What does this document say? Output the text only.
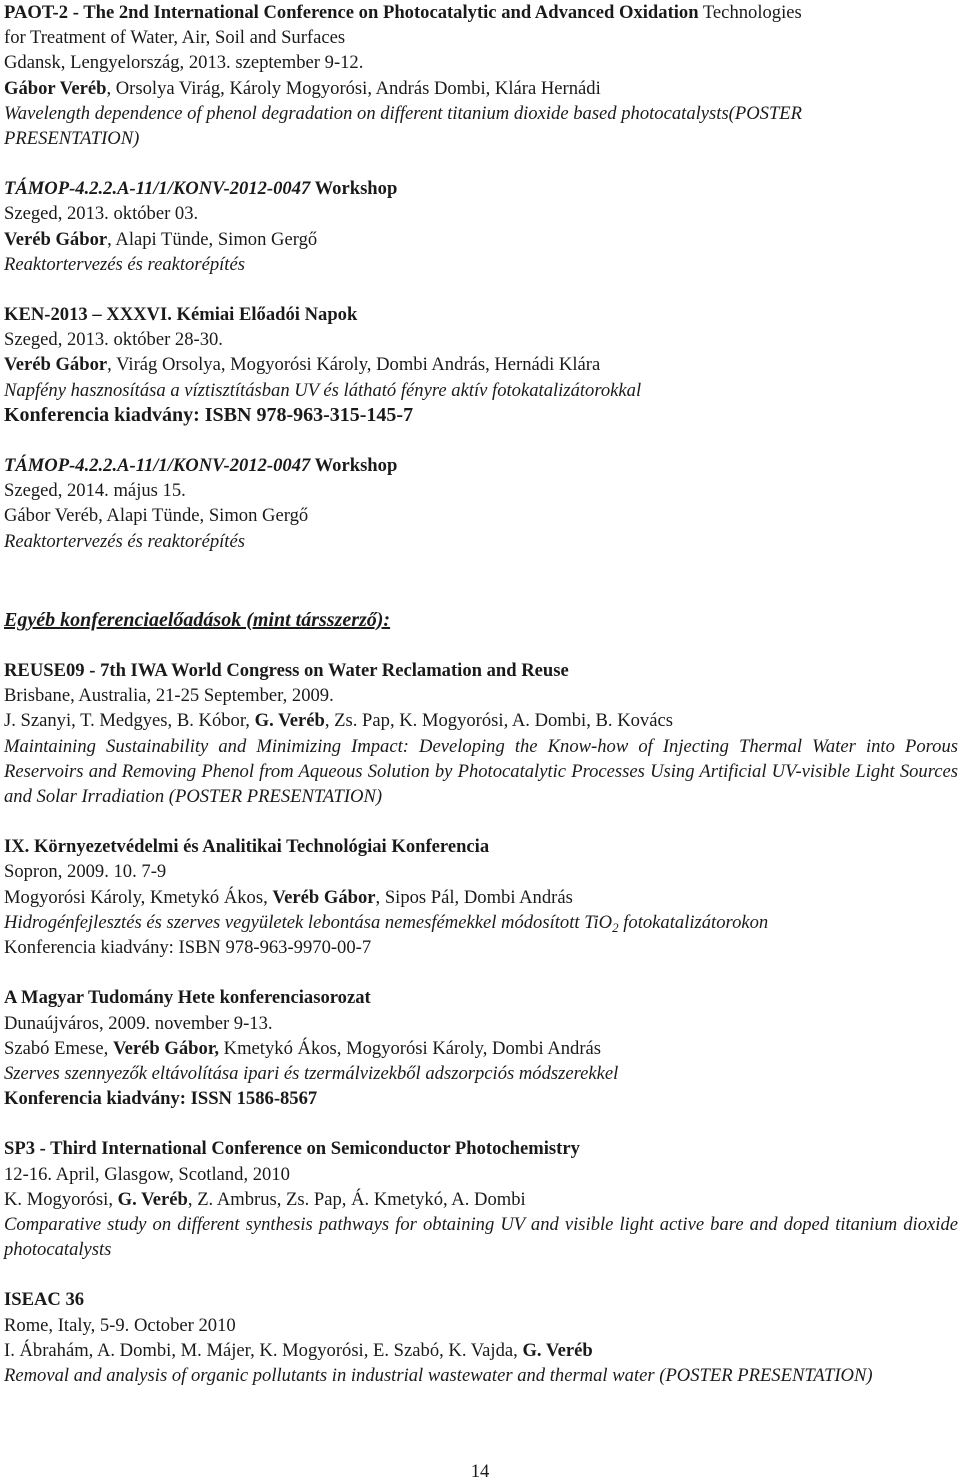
PAOT-2 - The 2nd International Conference on Photocatalytic and Advanced Oxidation Technologies
for Treatment of Water, Air, Soil and Surfaces
Gdansk, Lengyelország, 2013. szeptember 9-12.
Gábor Veréb, Orsolya Virág, Károly Mogyorósi, András Dombi, Klára Hernádi
Wavelength dependence of phenol degradation on different titanium dioxide based photocatalysts(POSTER
PRESENTATION)
TÁMOP-4.2.2.A-11/1/KONV-2012-0047 Workshop
Szeged, 2013. október 03.
Veréb Gábor, Alapi Tünde, Simon Gergő
Reaktortervezés és reaktorépítés
KEN-2013 – XXXVI. Kémiai Előadói Napok
Szeged, 2013. október 28-30.
Veréb Gábor, Virág Orsolya, Mogyorósi Károly, Dombi András, Hernádi Klára
Napfény hasznosítása a víztisztításban UV és látható fényre aktív fotokatalizátorokkal
Konferencia kiadvány: ISBN 978-963-315-145-7
TÁMOP-4.2.2.A-11/1/KONV-2012-0047 Workshop
Szeged, 2014. május 15.
Gábor Veréb, Alapi Tünde, Simon Gergő
Reaktortervezés és reaktorépítés
Egyéb konferenciaelőadások (mint társszerző):
REUSE09 - 7th IWA World Congress on Water Reclamation and Reuse
Brisbane, Australia, 21-25 September, 2009.
J. Szanyi, T. Medgyes, B. Kóbor, G. Veréb, Zs. Pap, K. Mogyorósi, A. Dombi, B. Kovács
Maintaining Sustainability and Minimizing Impact: Developing the Know-how of Injecting Thermal Water into Porous Reservoirs and Removing Phenol from Aqueous Solution by Photocatalytic Processes Using Artificial UV-visible Light Sources and Solar Irradiation (POSTER PRESENTATION)
IX. Környezetvédelmi és Analitikai Technológiai Konferencia
Sopron, 2009. 10. 7-9
Mogyorósi Károly, Kmetykó Ákos, Veréb Gábor, Sipos Pál, Dombi András
Hidrogénfejlesztés és szerves vegyületek lebontása nemesfémekkel módosított TiO$_2$ fotokatalizátorokon
Konferencia kiadvány: ISBN 978-963-9970-00-7
A Magyar Tudomány Hete konferenciasorozat
Dunaújváros, 2009. november 9-13.
Szabó Emese, Veréb Gábor, Kmetykó Ákos, Mogyorósi Károly, Dombi András
Szerves szennyezők eltávolítása ipari és tzermálvizekből adszorpciós módszerekkel
Konferencia kiadvány: ISSN 1586-8567
SP3 - Third International Conference on Semiconductor Photochemistry
12-16. April, Glasgow, Scotland, 2010
K. Mogyorósi, G. Veréb, Z. Ambrus, Zs. Pap, Á. Kmetykó, A. Dombi
Comparative study on different synthesis pathways for obtaining UV and visible light active bare and doped titanium dioxide photocatalysts
ISEAC 36
Rome, Italy, 5-9. October 2010
I. Ábrahám, A. Dombi, M. Májer, K. Mogyorósi, E. Szabó, K. Vajda, G. Veréb
Removal and analysis of organic pollutants in industrial wastewater and thermal water (POSTER PRESENTATION)
14
